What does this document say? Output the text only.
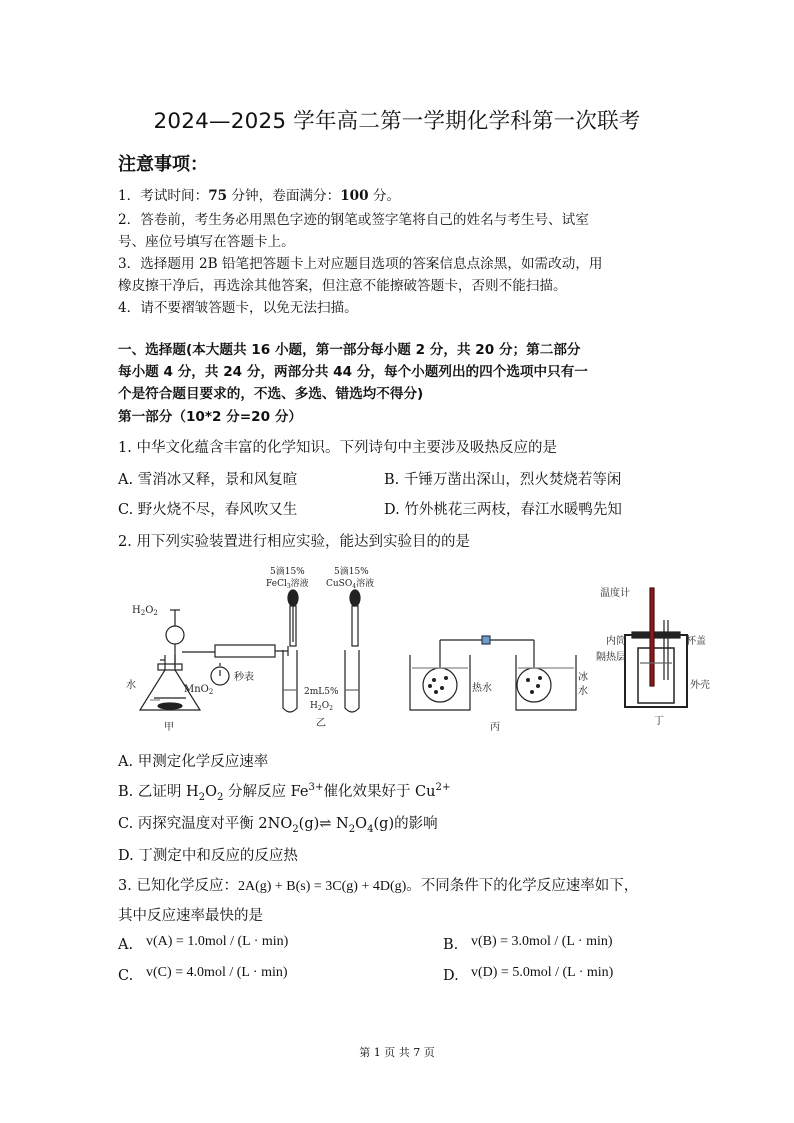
2024—2025 学年高二第一学期化学科第一次联考
注意事项：
1．考试时间：75 分钟，卷面满分：100 分。
2．答卷前，考生务必用黑色字迹的钢笔或签字笔将自己的姓名与考生号、试室
号、座位号填写在答题卡上。
3．选择题用 2B 铅笔把答题卡上对应题目选项的答案信息点涂黑，如需改动，用
橡皮擦干净后，再选涂其他答案，但注意不能擦破答题卡，否则不能扫描。
4．请不要褶皱答题卡，以免无法扫描。
一、选择题(本大题共 16 小题，第一部分每小题 2 分，共 20 分；第二部分
每小题 4 分，共 24 分，两部分共 44 分，每个小题列出的四个选项中只有一
个是符合题目要求的，不选、多选、错选均不得分)
第一部分（10*2 分=20 分）
1. 中华文化蕴含丰富的化学知识。下列诗句中主要涉及吸热反应的是
A. 雪消冰又释，景和风复暄	B. 千锤万凿出深山，烈火焚烧若等闲
C. 野火烧不尽，春风吹又生	D. 竹外桃花三两枝，春江水暖鸭先知
2. 用下列实验装置进行相应实验，能达到实验目的的是
$H_2O_2$
水	MnO$_2$
秒表
甲
5滴15%
FeCl$_3$溶液
5滴15%
CuSO$_4$溶液
2mL5%
$H_2O_2$
乙
热水
冰
水
丙
温度计
内筒
隔热层
杯盖
外壳
丁
A. 甲测定化学反应速率
B. 乙证明 $H_2O_2$ 分解反应 $Fe^{3+}$催化效果好于 $Cu^{2+}$
C. 丙探究温度对平衡 $2NO_2(g)\rightleftharpoons$ $N_2O_4(g)$的影响
D. 丁测定中和反应的反应热
3. 已知化学反应：2A(g) + B(s) = 3C(g) + 4D(g)。不同条件下的化学反应速率如下，
其中反应速率最快的是
A. v(A) = 1.0mol / (L · min)	B. v(B) = 3.0mol / (L · min)
C. v(C) = 4.0mol / (L · min)	D. v(D) = 5.0mol / (L · min)
第 1 页 共 7 页
